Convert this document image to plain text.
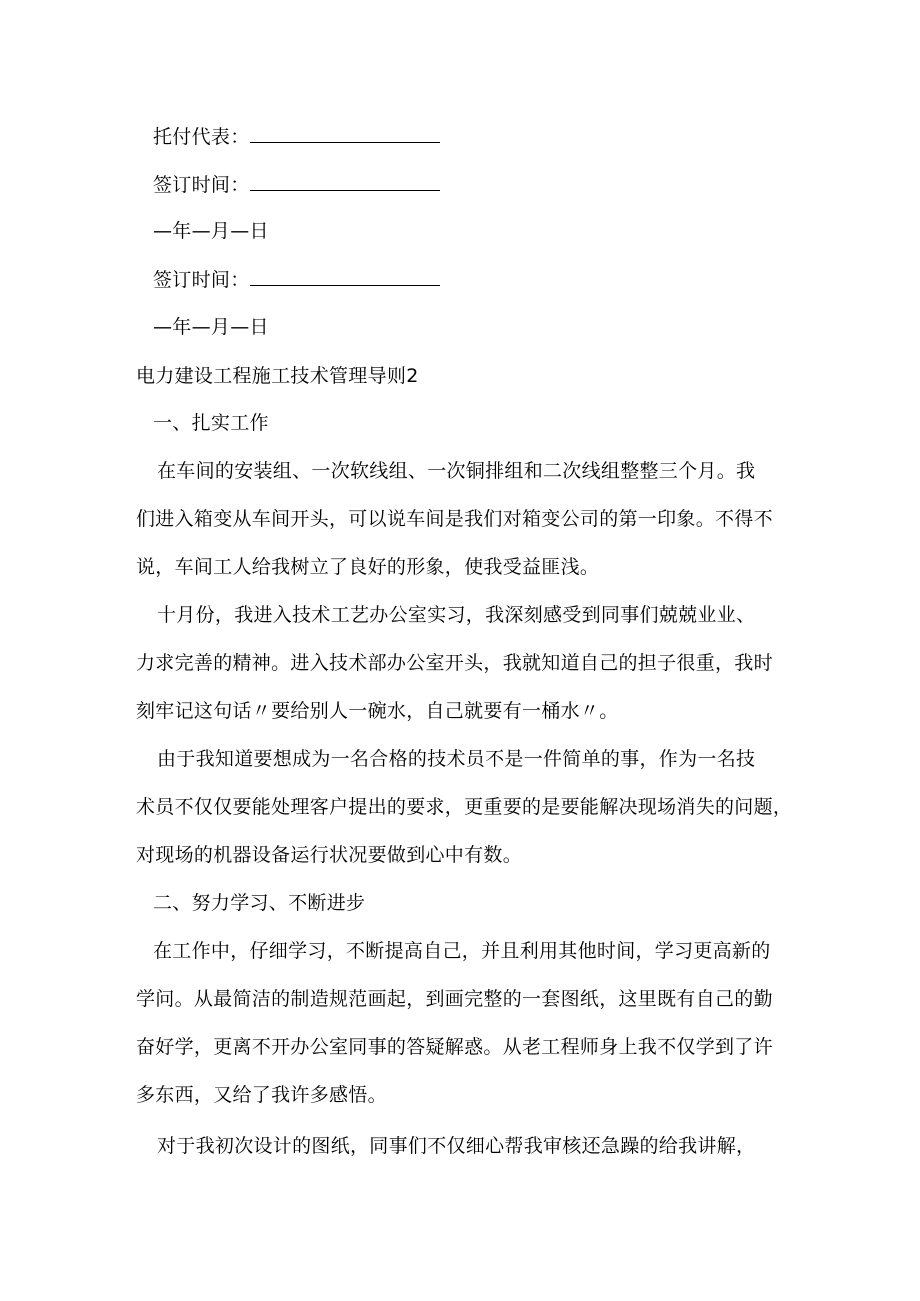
托付代表：
签订时间：
—年—月—日
签订时间：
—年—月—日
电力建设工程施工技术管理导则2
一、扎实工作
在车间的安装组、一次软线组、一次铜排组和二次线组整整三个月。我
们进入箱变从车间开头，可以说车间是我们对箱变公司的第一印象。不得不
说，车间工人给我树立了良好的形象，使我受益匪浅。
十月份，我进入技术工艺办公室实习，我深刻感受到同事们兢兢业业、
力求完善的精神。进入技术部办公室开头，我就知道自己的担子很重，我时
刻牢记这句话〃要给别人一碗水，自己就要有一桶水〃。
由于我知道要想成为一名合格的技术员不是一件简单的事，作为一名技
术员不仅仅要能处理客户提出的要求，更重要的是要能解决现场消失的问题，
对现场的机器设备运行状况要做到心中有数。
二、努力学习、不断进步
在工作中，仔细学习，不断提高自己，并且利用其他时间，学习更高新的
学问。从最简洁的制造规范画起，到画完整的一套图纸，这里既有自己的勤
奋好学，更离不开办公室同事的答疑解惑。从老工程师身上我不仅学到了许
多东西，又给了我许多感悟。
对于我初次设计的图纸，同事们不仅细心帮我审核还急躁的给我讲解，
